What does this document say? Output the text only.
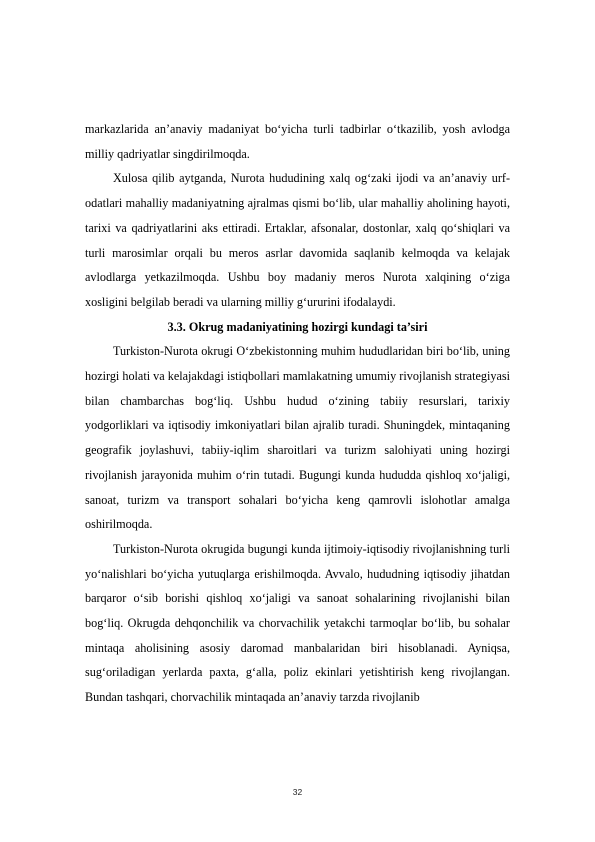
markazlarida an’anaviy madaniyat bo‘yicha turli tadbirlar o‘tkazilib, yosh avlodga milliy qadriyatlar singdirilmoqda.

Xulosa qilib aytganda, Nurota hududining xalq og‘zaki ijodi va an’anaviy urf-odatlari mahalliy madaniyatning ajralmas qismi bo‘lib, ular mahalliy aholining hayoti, tarixi va qadriyatlarini aks ettiradi. Ertaklar, afsonalar, dostonlar, xalq qo‘shiqlari va turli marosimlar orqali bu meros asrlar davomida saqlanib kelmoqda va kelajak avlodlarga yetkazilmoqda. Ushbu boy madaniy meros Nurota xalqining o‘ziga xosligini belgilab beradi va ularning milliy g‘ururini ifodalaydi.

3.3. Okrug madaniyatining hozirgi kundagi ta’siri

Turkiston-Nurota okrugi O‘zbekistonning muhim hududlaridan biri bo‘lib, uning hozirgi holati va kelajakdagi istiqbollari mamlakatning umumiy rivojlanish strategiyasi bilan chambarchas bog‘liq. Ushbu hudud o‘zining tabiiy resurslari, tarixiy yodgorliklari va iqtisodiy imkoniyatlari bilan ajralib turadi. Shuningdek, mintaqaning geografik joylashuvi, tabiiy-iqlim sharoitlari va turizm salohiyati uning hozirgi rivojlanish jarayonida muhim o‘rin tutadi. Bugungi kunda hududda qishloq xo‘jaligi, sanoat, turizm va transport sohalari bo‘yicha keng qamrovli islohotlar amalga oshirilmoqda.

Turkiston-Nurota okrugida bugungi kunda ijtimoiy-iqtisodiy rivojlanishning turli yo‘nalishlari bo‘yicha yutuqlarga erishilmoqda. Avvalo, hududning iqtisodiy jihatdan barqaror o‘sib borishi qishloq xo‘jaligi va sanoat sohalarining rivojlanishi bilan bog‘liq. Okrugda dehqonchilik va chorvachilik yetakchi tarmoqlar bo‘lib, bu sohalar mintaqa aholisining asosiy daromad manbalaridan biri hisoblanadi. Ayniqsa, sug‘oriladigan yerlarda paxta, g‘alla, poliz ekinlari yetishtirish keng rivojlangan. Bundan tashqari, chorvachilik mintaqada an’anaviy tarzda rivojlanib

32
